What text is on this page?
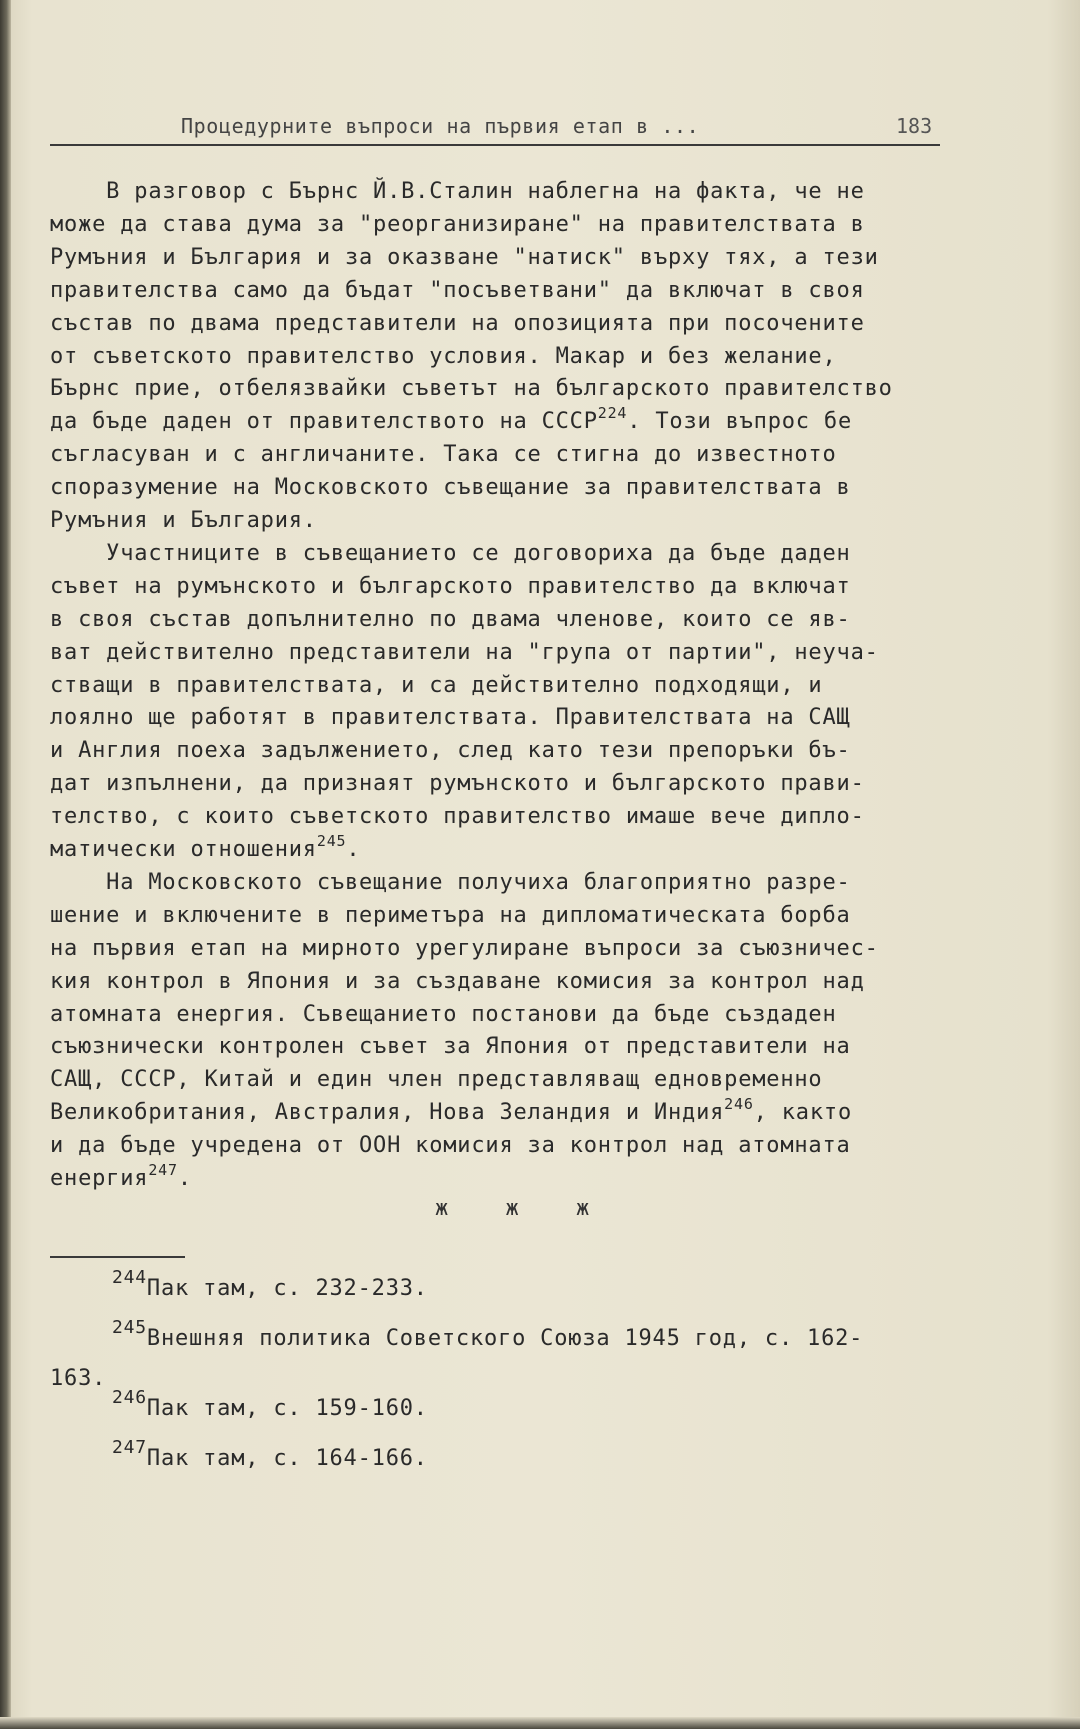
Процедурните въпроси на първия етап в ...	183
В разговор с Бърнс Й.В.Сталин наблегна на факта, че не
може да става дума за "реорганизиране" на правителствата в
Румъния и България и за оказване "натиск" върху тях, а тези
правителства само да бъдат "посъветвани" да включат в своя
състав по двама представители на опозицията при посочените
от съветското правителство условия. Макар и без желание,
Бърнс прие, отбелязвайки съветът на българското правителство
да бъде даден от правителството на СССР$^{224}$. Този въпрос бе
съгласуван и с англичаните. Така се стигна до известното
споразумение на Московското съвещание за правителствата в
Румъния и България.
Участниците в съвещанието се договориха да бъде даден
съвет на румънското и българското правителство да включат
в своя състав допълнително по двама членове, които се яв-
ват действително представители на "група от партии", неуча-
стващи в правителствата, и са действително подходящи, и
лоялно ще работят в правителствата. Правителствата на САЩ
и Англия поеха задължението, след като тези препоръки бъ-
дат изпълнени, да признаят румънското и българското прави-
телство, с които съветското правителство имаше вече дипло-
матически отношения$^{245}$.
На Московското съвещание получиха благоприятно разре-
шение и включените в периметъра на дипломатическата борба
на първия етап на мирното урегулиране въпроси за съюзничес-
кия контрол в Япония и за създаване комисия за контрол над
атомната енергия. Съвещанието постанови да бъде създаден
съюзнически контролен съвет за Япония от представители на
САЩ, СССР, Китай и един член представляващ едновременно
Великобритания, Австралия, Нова Зеландия и Индия$^{246}$, както
и да бъде учредена от ООН комисия за контрол над атомната
енергия$^{247}$.
ж ж ж
$^{244}$Пак там, с. 232-233.
$^{245}$Внешняя политика Советского Союза 1945 год, с. 162-
163.
$^{246}$Пак там, с. 159-160.
$^{247}$Пак там, с. 164-166.
